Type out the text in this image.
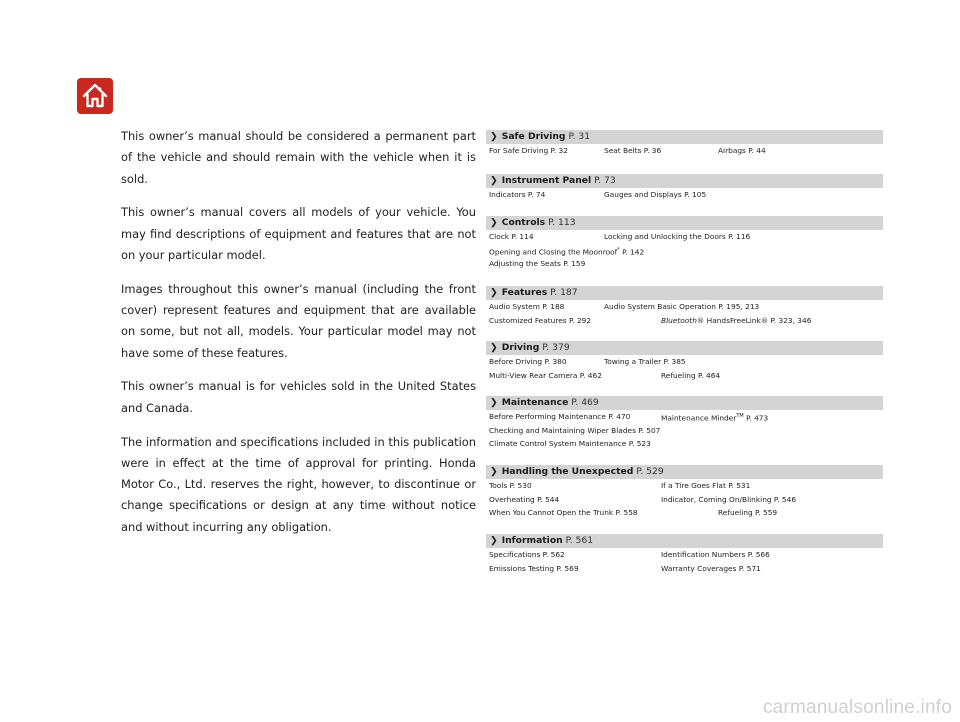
This owner’s manual should be considered a permanent part of the vehicle and should remain with the vehicle when it is sold.

This owner’s manual covers all models of your vehicle. You may find descriptions of equipment and features that are not on your particular model.

Images throughout this owner’s manual (including the front cover) represent features and equipment that are available on some, but not all, models. Your particular model may not have some of these features.

This owner’s manual is for vehicles sold in the United States and Canada.

The information and specifications included in this publication were in effect at the time of approval for printing. Honda Motor Co., Ltd. reserves the right, however, to discontinue or change specifications or design at any time without notice and without incurring any obligation.

❯ Safe Driving P. 31
For Safe Driving P. 32	Seat Belts P. 36	Airbags P. 44
❯ Instrument Panel P. 73
Indicators P. 74	Gauges and Displays P. 105
❯ Controls P. 113
Clock P. 114	Locking and Unlocking the Doors P. 116
Opening and Closing the Moonroof* P. 142
Adjusting the Seats P. 159
❯ Features P. 187
Audio System P. 188	Audio System Basic Operation P. 195, 213
Customized Features P. 292	Bluetooth® HandsFreeLink® P. 323, 346
❯ Driving P. 379
Before Driving P. 380	Towing a Trailer P. 385
Multi-View Rear Camera P. 462	Refueling P. 464
❯ Maintenance P. 469
Before Performing Maintenance P. 470	Maintenance Minder™ P. 473
Checking and Maintaining Wiper Blades P. 507
Climate Control System Maintenance P. 523
❯ Handling the Unexpected P. 529
Tools P. 530	If a Tire Goes Flat P. 531
Overheating P. 544	Indicator, Coming On/Blinking P. 546
When You Cannot Open the Trunk P. 558	Refueling P. 559
❯ Information P. 561
Specifications P. 562	Identification Numbers P. 566
Emissions Testing P. 569	Warranty Coverages P. 571
carmanualsonline.info
